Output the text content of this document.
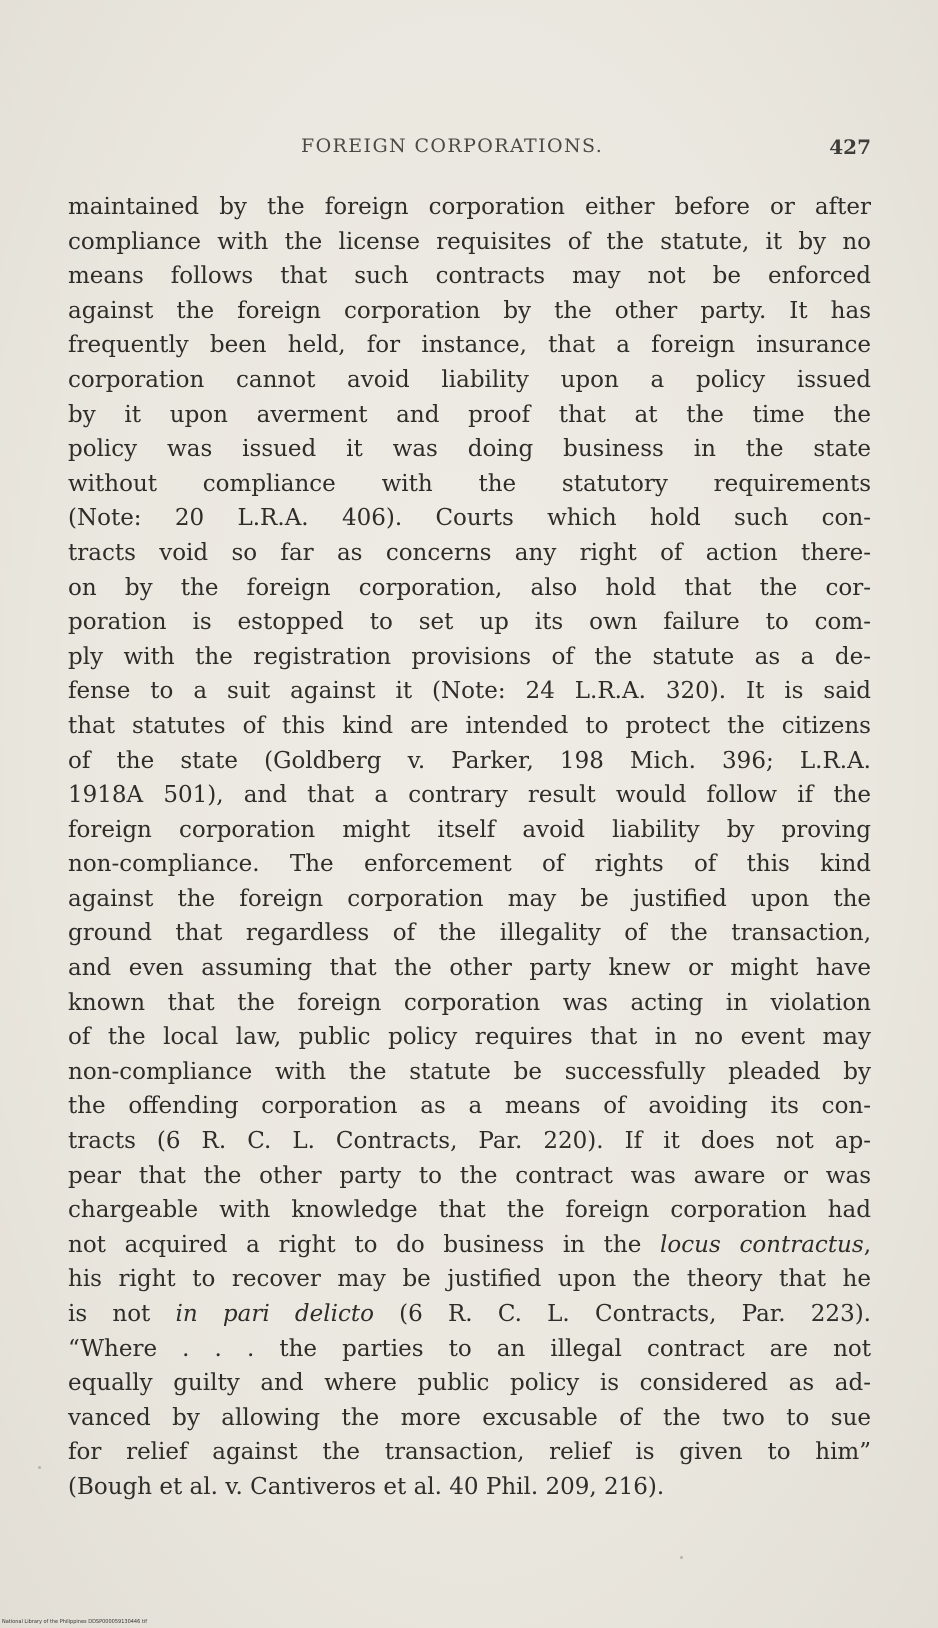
FOREIGN CORPORATIONS.	427
maintained by the foreign corporation either before or after
compliance with the license requisites of the statute, it by no
means follows that such contracts may not be enforced
against the foreign corporation by the other party. It has
frequently been held, for instance, that a foreign insurance
corporation cannot avoid liability upon a policy issued
by it upon averment and proof that at the time the
policy was issued it was doing business in the state
without compliance with the statutory requirements
(Note: 20 L.R.A. 406). Courts which hold such con-
tracts void so far as concerns any right of action there-
on by the foreign corporation, also hold that the cor-
poration is estopped to set up its own failure to com-
ply with the registration provisions of the statute as a de-
fense to a suit against it (Note: 24 L.R.A. 320). It is said
that statutes of this kind are intended to protect the citizens
of the state (Goldberg v. Parker, 198 Mich. 396; L.R.A.
1918A 501), and that a contrary result would follow if the
foreign corporation might itself avoid liability by proving
non-compliance. The enforcement of rights of this kind
against the foreign corporation may be justified upon the
ground that regardless of the illegality of the transaction,
and even assuming that the other party knew or might have
known that the foreign corporation was acting in violation
of the local law, public policy requires that in no event may
non-compliance with the statute be successfully pleaded by
the offending corporation as a means of avoiding its con-
tracts (6 R. C. L. Contracts, Par. 220). If it does not ap-
pear that the other party to the contract was aware or was
chargeable with knowledge that the foreign corporation had
not acquired a right to do business in the locus contractus,
his right to recover may be justified upon the theory that he
is not in pari delicto (6 R. C. L. Contracts, Par. 223).
“Where . . . the parties to an illegal contract are not
equally guilty and where public policy is considered as ad-
vanced by allowing the more excusable of the two to sue
for relief against the transaction, relief is given to him”
(Bough et al. v. Cantiveros et al. 40 Phil. 209, 216).
National Library of the Philippines DDSP000059130446 tif
